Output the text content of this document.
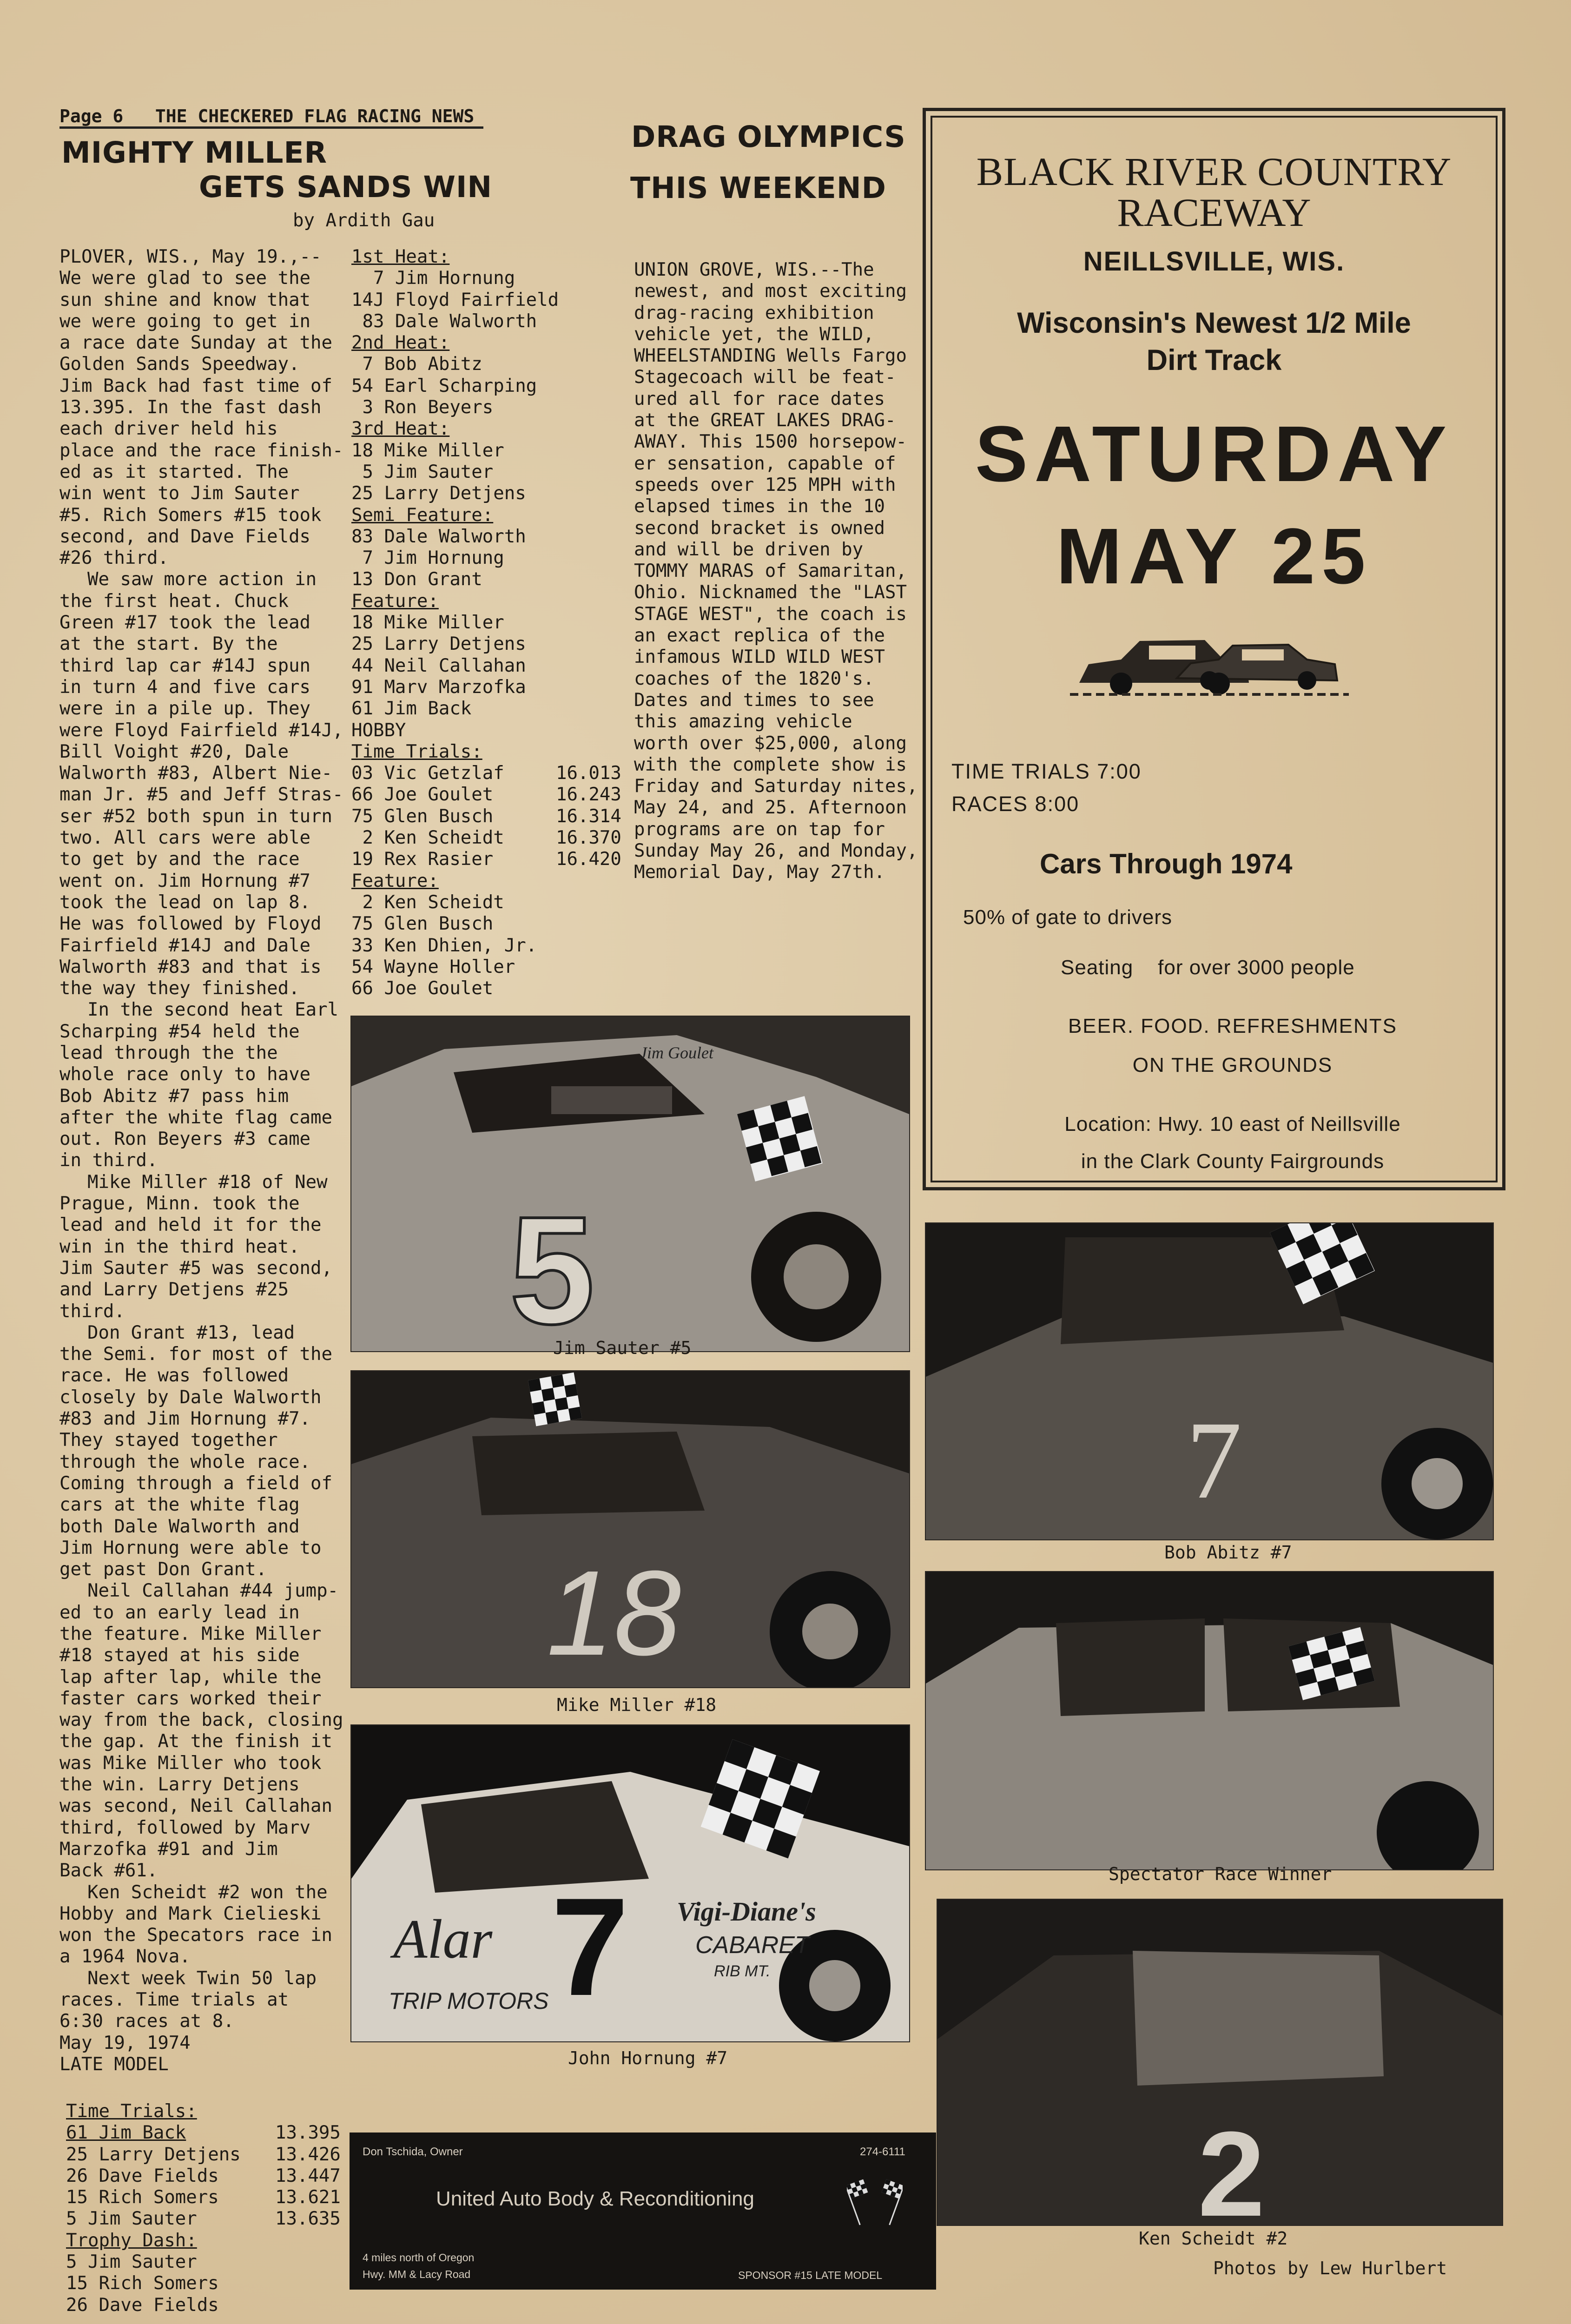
Page 6   THE CHECKERED FLAG RACING NEWS
MIGHTY MILLER
GETS SANDS WIN
by Ardith Gau
PLOVER, WIS., May 19.,--
We were glad to see the
sun shine and know that
we were going to get in
a race date Sunday at the
Golden Sands Speedway.
Jim Back had fast time of
13.395. In the fast dash
each driver held his
place and the race finish-
ed as it started. The
win went to Jim Sauter
#5. Rich Somers #15 took
second, and Dave Fields
#26 third.
We saw more action in
the first heat. Chuck
Green #17 took the lead
at the start. By the
third lap car #14J spun
in turn 4 and five cars
were in a pile up. They
were Floyd Fairfield #14J,
Bill Voight #20, Dale
Walworth #83, Albert Nie-
man Jr. #5 and Jeff Stras-
ser #52 both spun in turn
two. All cars were able
to get by and the race
went on. Jim Hornung #7
took the lead on lap 8.
He was followed by Floyd
Fairfield #14J and Dale
Walworth #83 and that is
the way they finished.
In the second heat Earl
Scharping #54 held the
lead through the the
whole race only to have
Bob Abitz #7 pass him
after the white flag came
out. Ron Beyers #3 came
in third.
Mike Miller #18 of New
Prague, Minn. took the
lead and held it for the
win in the third heat.
Jim Sauter #5 was second,
and Larry Detjens #25
third.
Don Grant #13, lead
the Semi. for most of the
race. He was followed
closely by Dale Walworth
#83 and Jim Hornung #7.
They stayed together
through the whole race.
Coming through a field of
cars at the white flag
both Dale Walworth and
Jim Hornung were able to
get past Don Grant.
Neil Callahan #44 jump-
ed to an early lead in
the feature. Mike Miller
#18 stayed at his side
lap after lap, while the
faster cars worked their
way from the back, closing
the gap. At the finish it
was Mike Miller who took
the win. Larry Detjens
was second, Neil Callahan
third, followed by Marv
Marzofka #91 and Jim
Back #61.
Ken Scheidt #2 won the
Hobby and Mark Cielieski
won the Specators race in
a 1964 Nova.
Next week Twin 50 lap
races. Time trials at
6:30 races at 8.
May 19, 1974
LATE MODEL
1st Heat:
7 Jim Hornung
14J Floyd Fairfield
83 Dale Walworth
2nd Heat:
7 Bob Abitz
54 Earl Scharping
3 Ron Beyers
3rd Heat:
18 Mike Miller
5 Jim Sauter
25 Larry Detjens
Semi Feature:
83 Dale Walworth
7 Jim Hornung
13 Don Grant
Feature:
18 Mike Miller
25 Larry Detjens
44 Neil Callahan
91 Marv Marzofka
61 Jim Back
HOBBY
Time Trials:
03 Vic Getzlaf	16.013
66 Joe Goulet	16.243
75 Glen Busch	16.314
2 Ken Scheidt	16.370
19 Rex Rasier	16.420
Feature:
2 Ken Scheidt
75 Glen Busch
33 Ken Dhien, Jr.
54 Wayne Holler
66 Joe Goulet
DRAG OLYMPICS
THIS WEEKEND
UNION GROVE, WIS.--The
newest, and most exciting
drag-racing exhibition
vehicle yet, the WILD,
WHEELSTANDING Wells Fargo
Stagecoach will be feat-
ured all for race dates
at the GREAT LAKES DRAG-
AWAY. This 1500 horsepow-
er sensation, capable of
speeds over 125 MPH with
elapsed times in the 10
second bracket is owned
and will be driven by
TOMMY MARAS of Samaritan,
Ohio. Nicknamed the "LAST
STAGE WEST", the coach is
an exact replica of the
infamous WILD WILD WEST
coaches of the 1820's.
Dates and times to see
this amazing vehicle
worth over $25,000, along
with the complete show is
Friday and Saturday nites,
May 24, and 25. Afternoon
programs are on tap for
Sunday May 26, and Monday,
Memorial Day, May 27th.
BLACK RIVER COUNTRY
RACEWAY
NEILLSVILLE, WIS.
Wisconsin's Newest 1/2 Mile
Dirt Track
SATURDAY
MAY 25
TIME TRIALS 7:00
RACES 8:00
Cars Through 1974
50% of gate to drivers
Seating    for over 3000 people
BEER. FOOD. REFRESHMENTS
ON THE GROUNDS
Location: Hwy. 10 east of Neillsville
in the Clark County Fairgrounds
5
Jim Goulet
Jim Sauter #5
18
Mike Miller #18
7
Alar
TRIP MOTORS
Vigi-Diane's
CABARET
RIB MT.
John Hornung #7
7
Bob Abitz #7
Spectator Race Winner
2
Ken Scheidt #2
Photos by Lew Hurlbert
Time Trials:
61 Jim Back	13.395
25 Larry Detjens 13.426
26 Dave Fields	13.447
15 Rich Somers	13.621
5 Jim Sauter	13.635
Trophy Dash:
5 Jim Sauter
15 Rich Somers
26 Dave Fields
Don Tschida, Owner	274-6111
United Auto Body & Reconditioning
4 miles north of Oregon
Hwy. MM & Lacy Road	SPONSOR #15 LATE MODEL
